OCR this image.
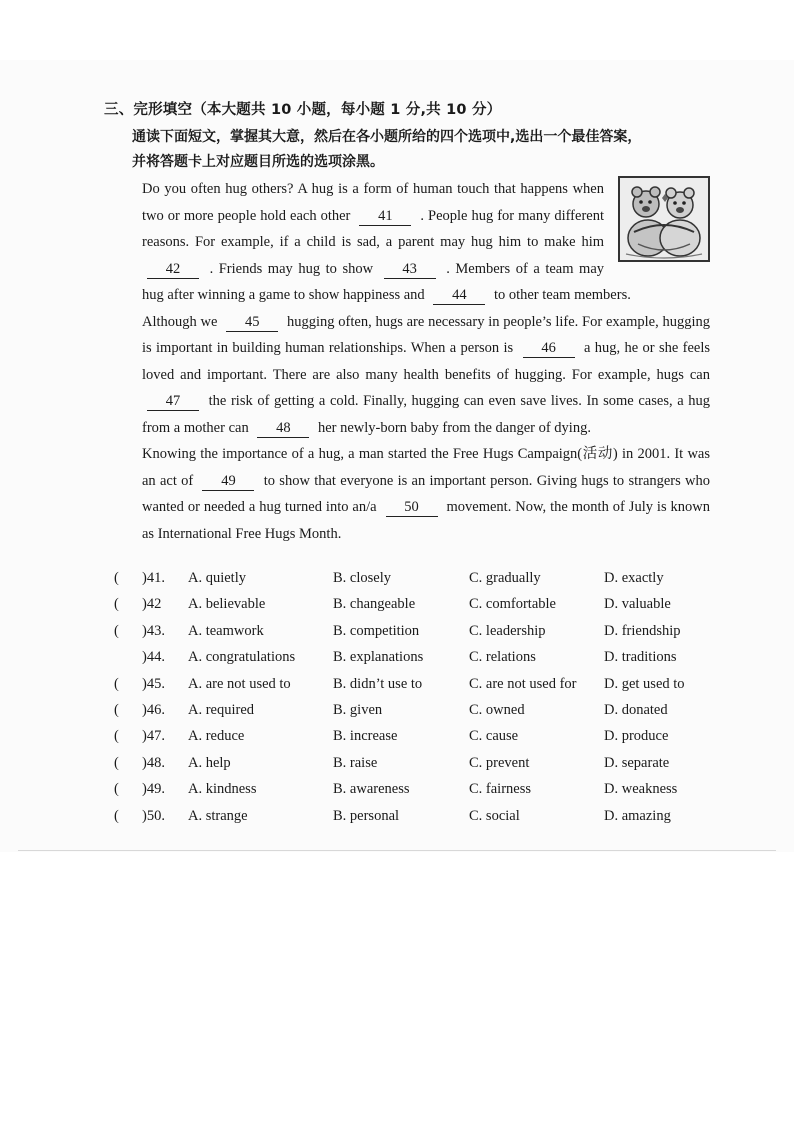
三、完形填空（本大题共 10 小题，每小题 1 分,共 10 分）
通读下面短文，掌握其大意，然后在各小题所给的四个选项中,选出一个最佳答案，
并将答题卡上对应题目所选的选项涂黑。

Do you often hug others? A hug is a form of human touch that happens when two or more people hold each other 41 . People hug for many different reasons. For example, if a child is sad, a parent may hug him to make him 42 . Friends may hug to show 43 . Members of a team may hug after winning a game to show happiness and 44 to other team members.

Although we 45 hugging often, hugs are necessary in people’s life. For example, hugging is important in building human relationships. When a person is 46 a hug, he or she feels loved and important. There are also many health benefits of hugging. For example, hugs can 47 the risk of getting a cold. Finally, hugging can even save lives. In some cases, a hug from a mother can 48 her newly-born baby from the danger of dying.

Knowing the importance of a hug, a man started the Free Hugs Campaign(活动) in 2001. It was an act of 49 to show that everyone is an important person. Giving hugs to strangers who wanted or needed a hug turned into an/a 50 movement. Now, the month of July is known as International Free Hugs Month.

( )41. A. quietly	B. closely	C. gradually	D. exactly
( )42 A. believable	B. changeable	C. comfortable	D. valuable
( )43. A. teamwork	B. competition	C. leadership	D. friendship
)44. A. congratulations	B. explanations	C. relations	D. traditions
( )45. A. are not used to	B. didn’t use to	C. are not used for D. get used to
( )46. A. required	B. given	C. owned	D. donated
( )47. A. reduce	B. increase	C. cause	D. produce
( )48. A. help	B. raise	C. prevent	D. separate
( )49. A. kindness	B. awareness	C. fairness	D. weakness
( )50. A. strange	B. personal	C. social	D. amazing
